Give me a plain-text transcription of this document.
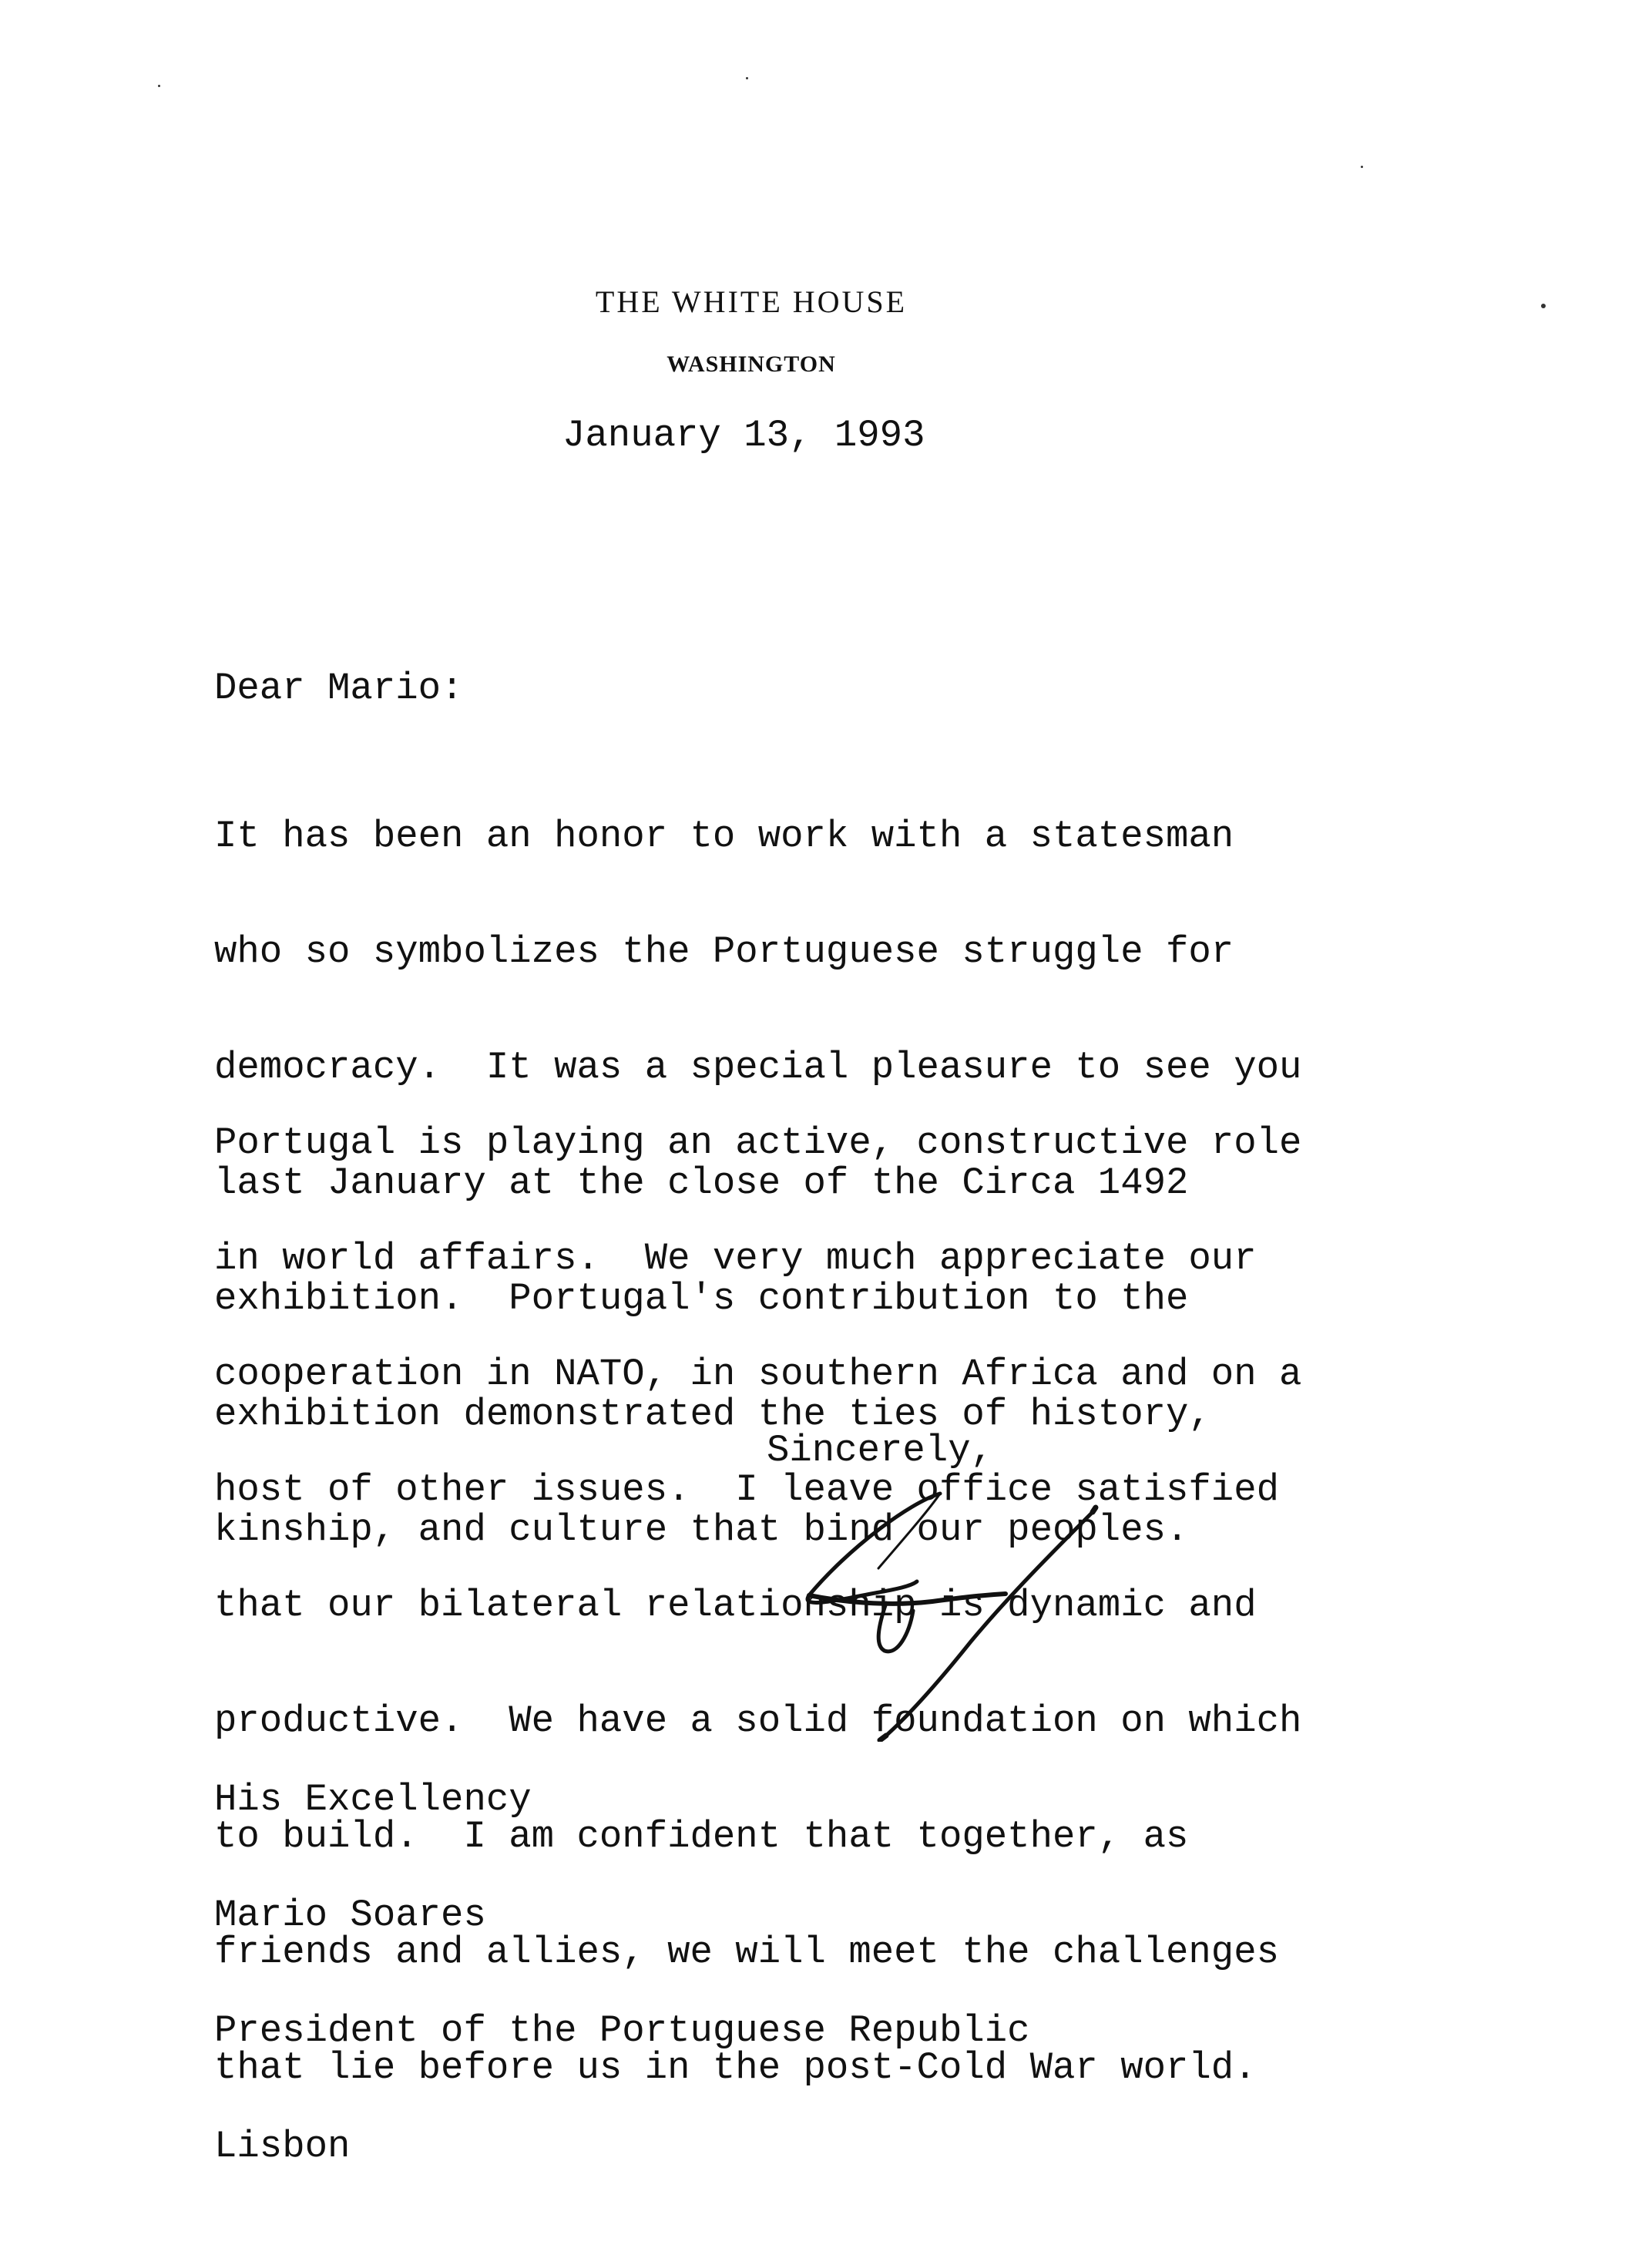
THE WHITE HOUSE
WASHINGTON
January 13, 1993
Dear Mario:

It has been an honor to work with a statesman

who so symbolizes the Portuguese struggle for

democracy.  It was a special pleasure to see you

last January at the close of the Circa 1492

exhibition.  Portugal's contribution to the

exhibition demonstrated the ties of history,

kinship, and culture that bind our peoples.

Portugal is playing an active, constructive role

in world affairs.  We very much appreciate our

cooperation in NATO, in southern Africa and on a

host of other issues.  I leave office satisfied

that our bilateral relationship is dynamic and

productive.  We have a solid foundation on which

to build.  I am confident that together, as

friends and allies, we will meet the challenges

that lie before us in the post-Cold War world.

Sincerely,

His Excellency

Mario Soares

President of the Portuguese Republic

Lisbon
